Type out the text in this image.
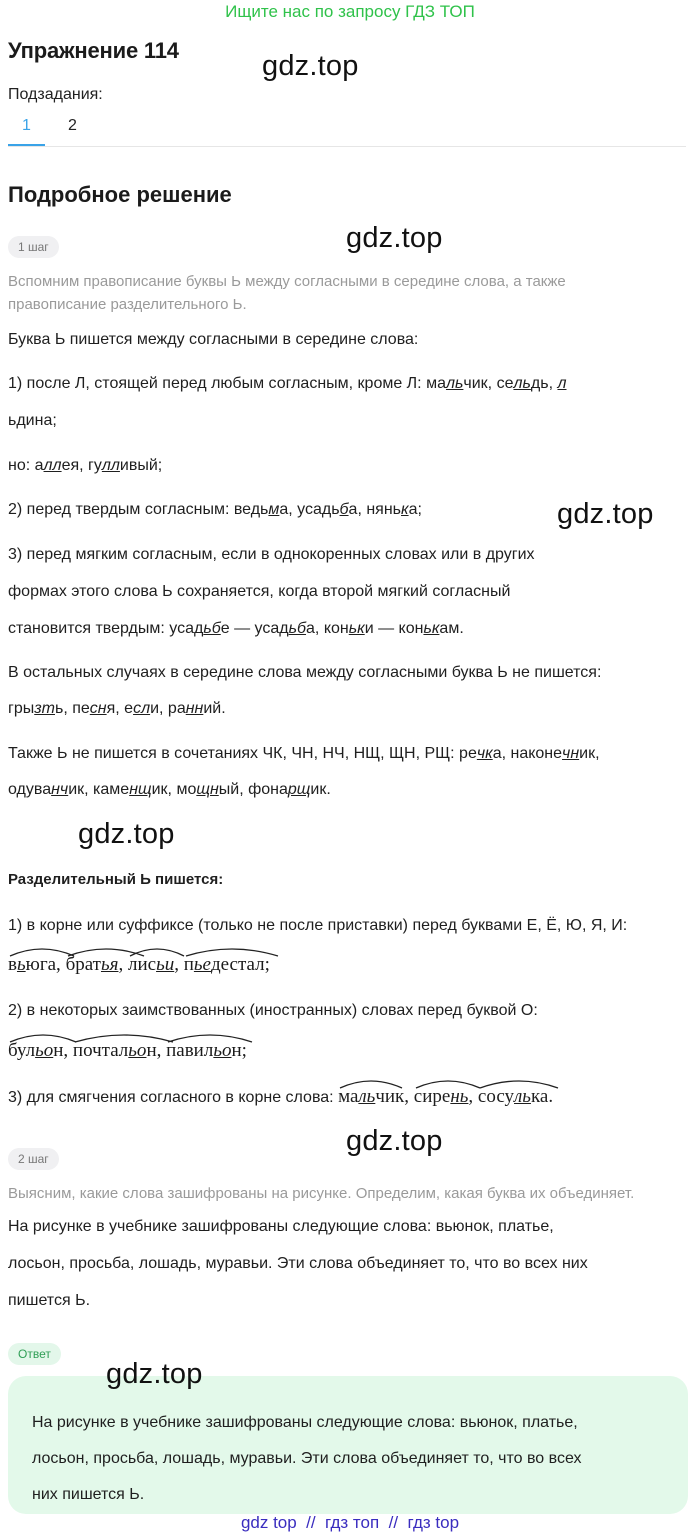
Ищите нас по запросу ГДЗ ТОП
Упражнение 114	gdz.top
Подзадания:
1 2
Подробное решение
1 шаг	gdz.top
Вспомним правописание буквы Ь между согласными в середине слова, а также
правописание разделительного Ь.
Буква Ь пишется между согласными в середине слова:
1) после Л, стоящей перед любым согласным, кроме Л: мальчик, сельдь, л
ьдина;
но: аллея, гулливый;
2) перед твердым согласным: ведьма, усадьба, нянька;	gdz.top
3) перед мягким согласным, если в однокоренных словах или в других
формах этого слова Ь сохраняется, когда второй мягкий согласный
становится твердым: усадьбе — усадьба, коньки — конькам.
В остальных случаях в середине слова между согласными буква Ь не пишется:
грызть, песня, если, ранний.
Также Ь не пишется в сочетаниях ЧК, ЧН, НЧ, НЩ, ЩН, РЩ: речка, наконечник,
одуванчик, каменщик, мощный, фонарщик.
gdz.top
Разделительный Ь пишется:
1) в корне или суффиксе (только не после приставки) перед буквами Е, Ё, Ю, Я, И:
вьюга, братья, лисьи, пьедестал;
2) в некоторых заимствованных (иностранных) словах перед буквой О:
бульон, почтальон, павильон;
3) для смягчения согласного в корне слова: мальчик, сирень, сосулька.
gdz.top
2 шаг
Выясним, какие слова зашифрованы на рисунке. Определим, какая буква их объединяет.
На рисунке в учебнике зашифрованы следующие слова: вьюнок, платье,
лосьон, просьба, лошадь, муравьи. Эти слова объединяет то, что во всех них
пишется Ь.
Ответ
gdz.top
На рисунке в учебнике зашифрованы следующие слова: вьюнок, платье,
лосьон, просьба, лошадь, муравьи. Эти слова объединяет то, что во всех
них пишется Ь.
gdz top  //  гдз топ  //  гдз top
